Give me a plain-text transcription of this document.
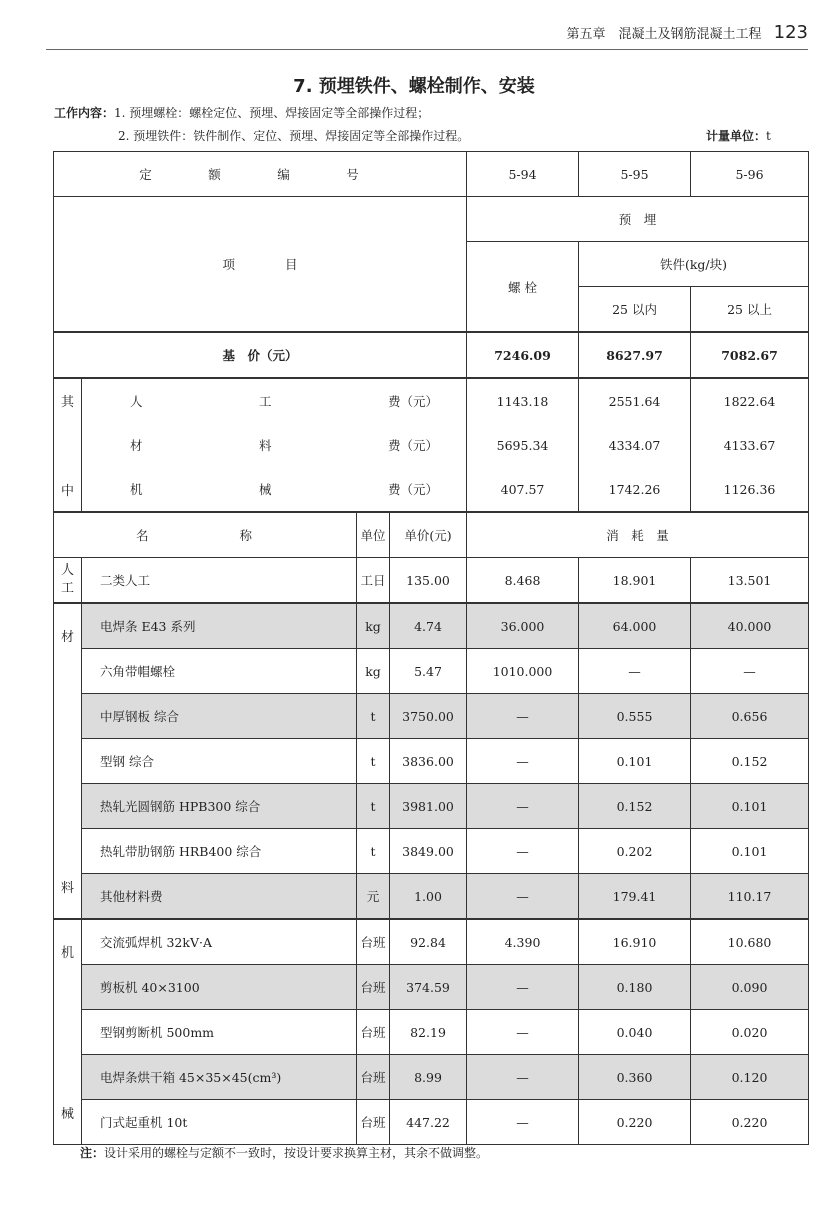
第五章　混凝土及钢筋混凝土工程 123
7. 预埋铁件、螺栓制作、安装
工作内容：1. 预埋螺栓：螺栓定位、预埋、焊接固定等全部操作过程；
2. 预埋铁件：铁件制作、定位、预埋、焊接固定等全部操作过程。	计量单位：t
定　额　编　号				5-94	5-95	5-96
项　　　　目				预　埋		
				螺 栓	铁件(kg/块)	
					25 以内	25 以上
基　价（元）				7246.09	8627.97	7082.67

其
中	人 工 费（元）			1143.18	2551.64	1822.64

	材 料 费（元）			5695.34	4334.07	4133.67

	机 械 费（元）			407.57	1742.26	1126.36
名　　称		单位	单价(元)	消　耗　量		
人
工	二类人工	工日	135.00	8.468	18.901	13.501

材
料	电焊条 E43 系列	kg	4.74	36.000	64.000	40.000
	六角带帽螺栓	kg	5.47	1010.000	—	—
	中厚钢板 综合	t	3750.00	—	0.555	0.656
	型钢 综合	t	3836.00	—	0.101	0.152
	热轧光圆钢筋 HPB300 综合	t	3981.00	—	0.152	0.101
	热轧带肋钢筋 HRB400 综合	t	3849.00	—	0.202	0.101
	其他材料费	元	1.00	—	179.41	110.17

机
械	交流弧焊机 32kV·A	台班	92.84	4.390	16.910	10.680
	剪板机 40×3100	台班	374.59	—	0.180	0.090
	型钢剪断机 500mm	台班	82.19	—	0.040	0.020
	电焊条烘干箱 45×35×45(cm³)	台班	8.99	—	0.360	0.120
	门式起重机 10t	台班	447.22	—	0.220	0.220
注：设计采用的螺栓与定额不一致时，按设计要求换算主材，其余不做调整。
